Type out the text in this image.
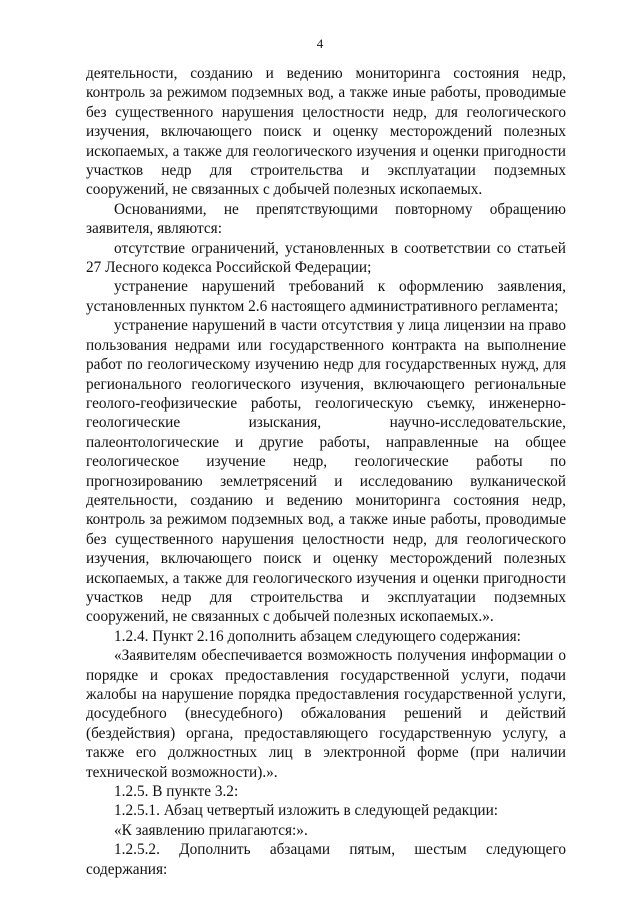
4

деятельности, созданию и ведению мониторинга состояния недр, контроль за режимом подземных вод, а также иные работы, проводимые без существенного нарушения целостности недр, для геологического изучения, включающего поиск и оценку месторождений полезных ископаемых, а также для геологического изучения и оценки пригодности участков недр для строительства и эксплуатации подземных сооружений, не связанных с добычей полезных ископаемых.

Основаниями, не препятствующими повторному обращению заявителя, являются:

отсутствие ограничений, установленных в соответствии со статьей 27 Лесного кодекса Российской Федерации;

устранение нарушений требований к оформлению заявления, установленных пунктом 2.6 настоящего административного регламента;

устранение нарушений в части отсутствия у лица лицензии на право пользования недрами или государственного контракта на выполнение работ по геологическому изучению недр для государственных нужд, для регионального геологического изучения, включающего региональные геолого-геофизические работы, геологическую съемку, инженерно-геологические изыскания, научно-исследовательские, палеонтологические и другие работы, направленные на общее геологическое изучение недр, геологические работы по прогнозированию землетрясений и исследованию вулканической деятельности, созданию и ведению мониторинга состояния недр, контроль за режимом подземных вод, а также иные работы, проводимые без существенного нарушения целостности недр, для геологического изучения, включающего поиск и оценку месторождений полезных ископаемых, а также для геологического изучения и оценки пригодности участков недр для строительства и эксплуатации подземных сооружений, не связанных с добычей полезных ископаемых.».

1.2.4. Пункт 2.16 дополнить абзацем следующего содержания:

«Заявителям обеспечивается возможность получения информации о порядке и сроках предоставления государственной услуги, подачи жалобы на нарушение порядка предоставления государственной услуги, досудебного (внесудебного) обжалования решений и действий (бездействия) органа, предоставляющего государственную услугу, а также его должностных лиц в электронной форме (при наличии технической возможности).».

1.2.5. В пункте 3.2:

1.2.5.1. Абзац четвертый изложить в следующей редакции:

«К заявлению прилагаются:».

1.2.5.2. Дополнить абзацами пятым, шестым следующего содержания:
